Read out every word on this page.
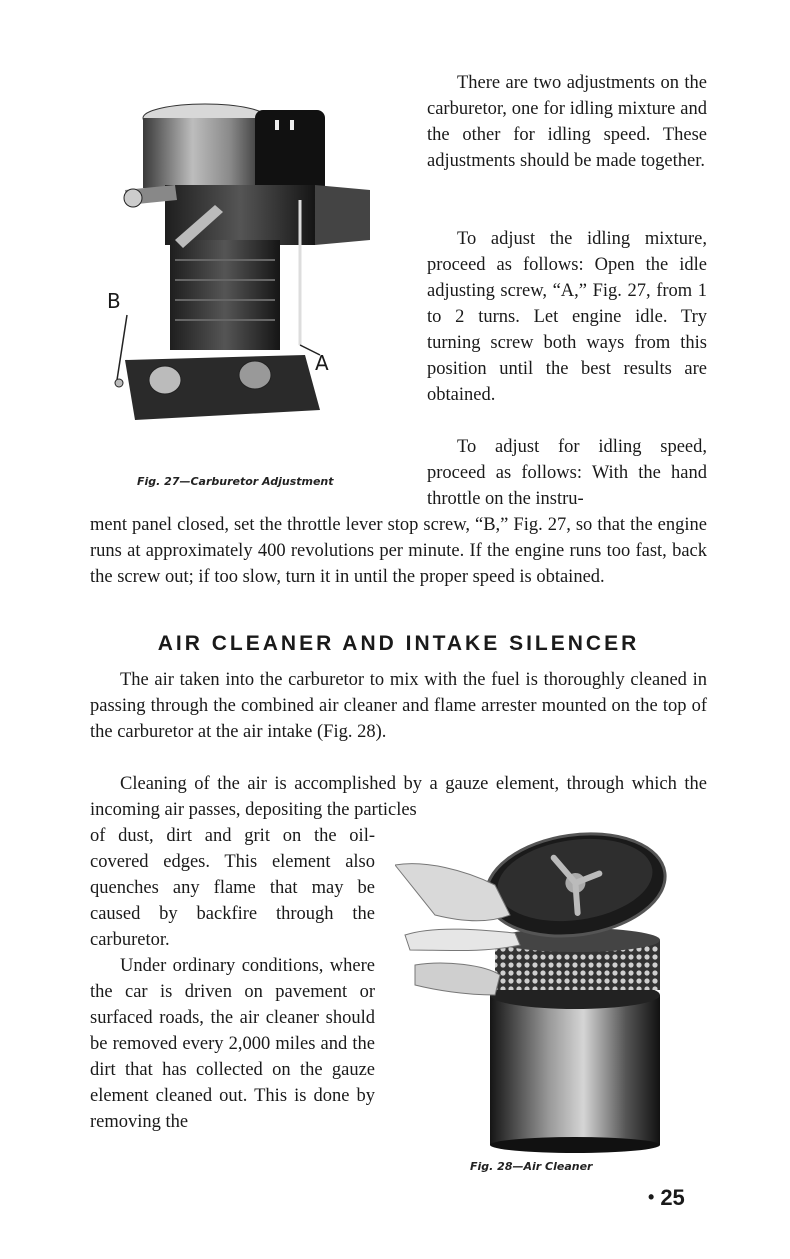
B
A
Fig. 27—Carburetor Adjustment

There are two adjustments on the carburetor, one for idling mixture and the other for idling speed. These adjustments should be made together.

To adjust the idling mixture, proceed as follows: Open the idle adjusting screw, “A,” Fig. 27, from 1 to 2 turns. Let engine idle. Try turning screw both ways from this position until the best results are obtained.

To adjust for idling speed, proceed as follows: With the hand throttle on the instru-

ment panel closed, set the throttle lever stop screw, “B,” Fig. 27, so that the engine runs at approximately 400 revolutions per minute. If the engine runs too fast, back the screw out; if too slow, turn it in until the proper speed is obtained.

AIR CLEANER AND INTAKE SILENCER

The air taken into the carburetor to mix with the fuel is thoroughly cleaned in passing through the combined air cleaner and flame arrester mounted on the top of the carburetor at the air intake (Fig. 28).

Cleaning of the air is accomplished by a gauze element, through which the incoming air passes, depositing the particles

of dust, dirt and grit on the oil-covered edges. This element also quenches any flame that may be caused by backfire through the carburetor.

Under ordinary conditions, where the car is driven on pavement or surfaced roads, the air cleaner should be removed every 2,000 miles and the dirt that has collected on the gauze element cleaned out. This is done by removing the

Fig. 28—Air Cleaner
• 25
